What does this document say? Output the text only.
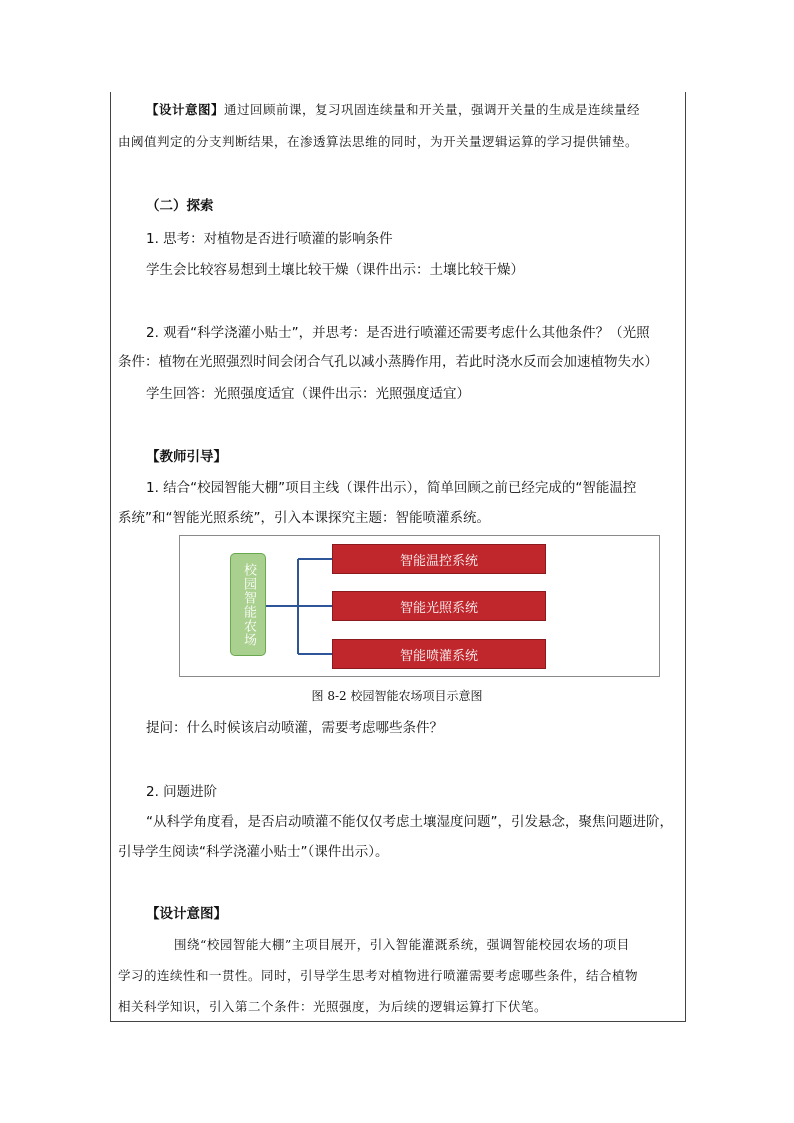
【设计意图】通过回顾前课，复习巩固连续量和开关量，强调开关量的生成是连续量经
由阈值判定的分支判断结果，在渗透算法思维的同时，为开关量逻辑运算的学习提供铺垫。
（二）探索
1. 思考：对植物是否进行喷灌的影响条件
学生会比较容易想到土壤比较干燥（课件出示：土壤比较干燥）
2. 观看“科学浇灌小贴士”，并思考：是否进行喷灌还需要考虑什么其他条件？（光照
条件：植物在光照强烈时间会闭合气孔以减小蒸腾作用，若此时浇水反而会加速植物失水）
学生回答：光照强度适宜（课件出示：光照强度适宜）
【教师引导】
1. 结合“校园智能大棚”项目主线（课件出示），简单回顾之前已经完成的“智能温控
系统”和“智能光照系统”，引入本课探究主题：智能喷灌系统。
校园智能农场
智能温控系统
智能光照系统
智能喷灌系统
图 8-2 校园智能农场项目示意图
提问：什么时候该启动喷灌，需要考虑哪些条件？
2. 问题进阶
“从科学角度看，是否启动喷灌不能仅仅考虑土壤湿度问题”，引发悬念，聚焦问题进阶，
引导学生阅读“科学浇灌小贴士”（课件出示）。
【设计意图】
围绕“校园智能大棚”主项目展开，引入智能灌溉系统，强调智能校园农场的项目
学习的连续性和一贯性。同时，引导学生思考对植物进行喷灌需要考虑哪些条件，结合植物
相关科学知识，引入第二个条件：光照强度，为后续的逻辑运算打下伏笔。
